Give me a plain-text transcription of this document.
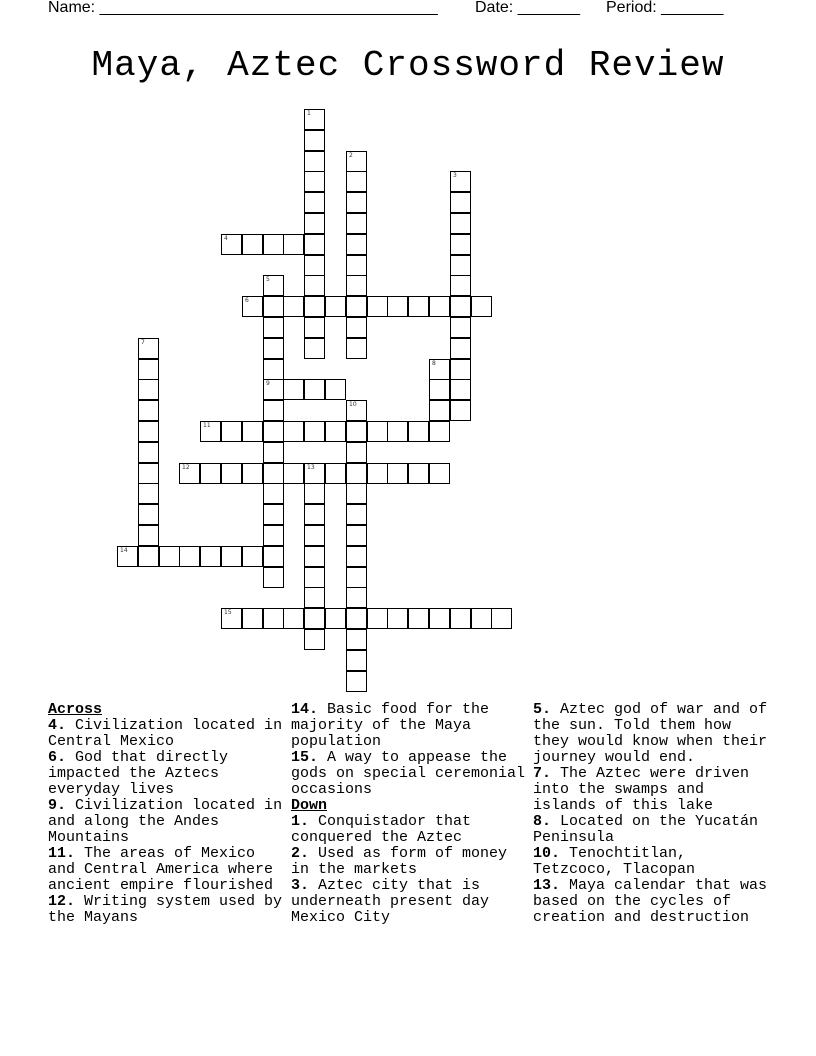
Name: ______________________________________ Date: _______ Period: _______
Maya, Aztec Crossword Review
1
2
3
4
5
9
6
7
8
10
11
12	13
14
15
Across
4. Civilization located in Central Mexico
6. God that directly impacted the Aztecs everyday lives
9. Civilization located in and along the Andes Mountains
11. The areas of Mexico and Central America where ancient empire flourished
12. Writing system used by the Mayans
14. Basic food for the majority of the Maya population
15. A way to appease the gods on special ceremonial occasions
Down
1. Conquistador that conquered the Aztec
2. Used as form of money in the markets
3. Aztec city that is underneath present day Mexico City
5. Aztec god of war and of the sun. Told them how they would know when their journey would end.
7. The Aztec were driven into the swamps and islands of this lake
8. Located on the Yucatán Peninsula
10. Tenochtitlan, Tetzcoco, Tlacopan
13. Maya calendar that was based on the cycles of creation and destruction
